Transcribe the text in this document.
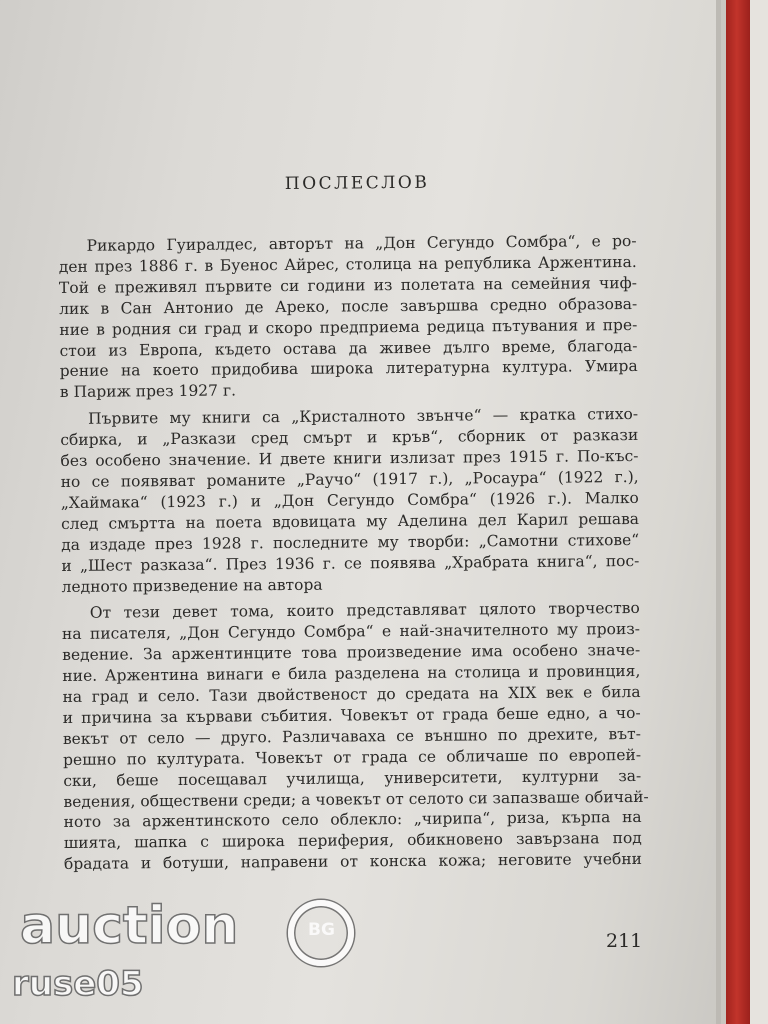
ПОСЛЕСЛОВ
Рикардо Гуиралдес, авторът на „Дон Сегундо Сомбра“, е ро-
ден през 1886 г. в Буенос Айрес, столица на република Аржентина.
Той е преживял първите си години из полетата на семейния чиф-
лик в Сан Антонио де Ареко, после завършва средно образова-
ние в родния си град и скоро предприема редица пътувания и пре-
стои из Европа, където остава да живее дълго време, благода-
рение на което придобива широка литературна култура. Умира
в Париж през 1927 г.
Първите му книги са „Кристалното звънче“ — кратка стихо-
сбирка, и „Разкази сред смърт и кръв“, сборник от разкази
без особено значение. И двете книги излизат през 1915 г. По-къс-
но се появяват романите „Раучо“ (1917 г.), „Росаура“ (1922 г.),
„Хаймака“ (1923 г.) и „Дон Сегундо Сомбра“ (1926 г.). Малко
след смъртта на поета вдовицата му Аделина дел Карил решава
да издаде през 1928 г. последните му творби: „Самотни стихове“
и „Шест разказа“. През 1936 г. се появява „Храбрата книга“, пос-
ледното призведение на автора
От тези девет тома, които представляват цялото творчество
на писателя, „Дон Сегундо Сомбра“ е най-значителното му произ-
ведение. За аржентинците това произведение има особено значе-
ние. Аржентина винаги е била разделена на столица и провинция,
на град и село. Тази двойственост до средата на XIX век е била
и причина за кървави събития. Човекът от града беше едно, а чо-
векът от село — друго. Различаваха се външно по дрехите, вът-
решно по културата. Човекът от града се обличаше по европей-
ски, беше посещавал училища, университети, културни за-
ведения, обществени среди; а човекът от селото си запазваше обичай-
ното за аржентинското село облекло: „чирипа“, риза, кърпа на
шията, шапка с широка периферия, обикновено завързана под
брадата и ботуши, направени от конска кожа; неговите учебни
211
auction	BG
ruse05
